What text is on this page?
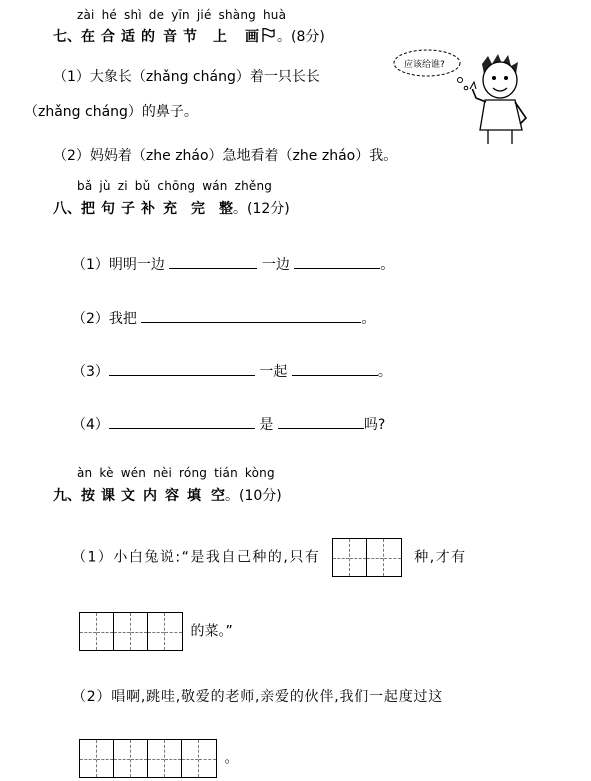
zài hé shì de yīn jié shàng huà
七、在 合 适 的 音 节 上 画 。(8分)
应该给谁?
（1）大象长（zhǎng cháng）着一只长长
（zhǎng cháng）的鼻子。
（2）妈妈着（zhe zháo）急地看着（zhe zháo）我。
bǎ jù zi bǔ chōng wán zhěng
八、把 句 子 补 充 完 整。(12分)
（1）明明一边	一边	。
（2）我把	。
（3）	一起	。
（4）	是	吗?
àn kè wén nèi róng tián kòng
九、按 课 文 内 容 填 空。(10分)
（1）小白兔说:“是我自己种的,只有	种,才有
的菜。”
（2）唱啊,跳哇,敬爱的老师,亲爱的伙伴,我们一起度过这
。
